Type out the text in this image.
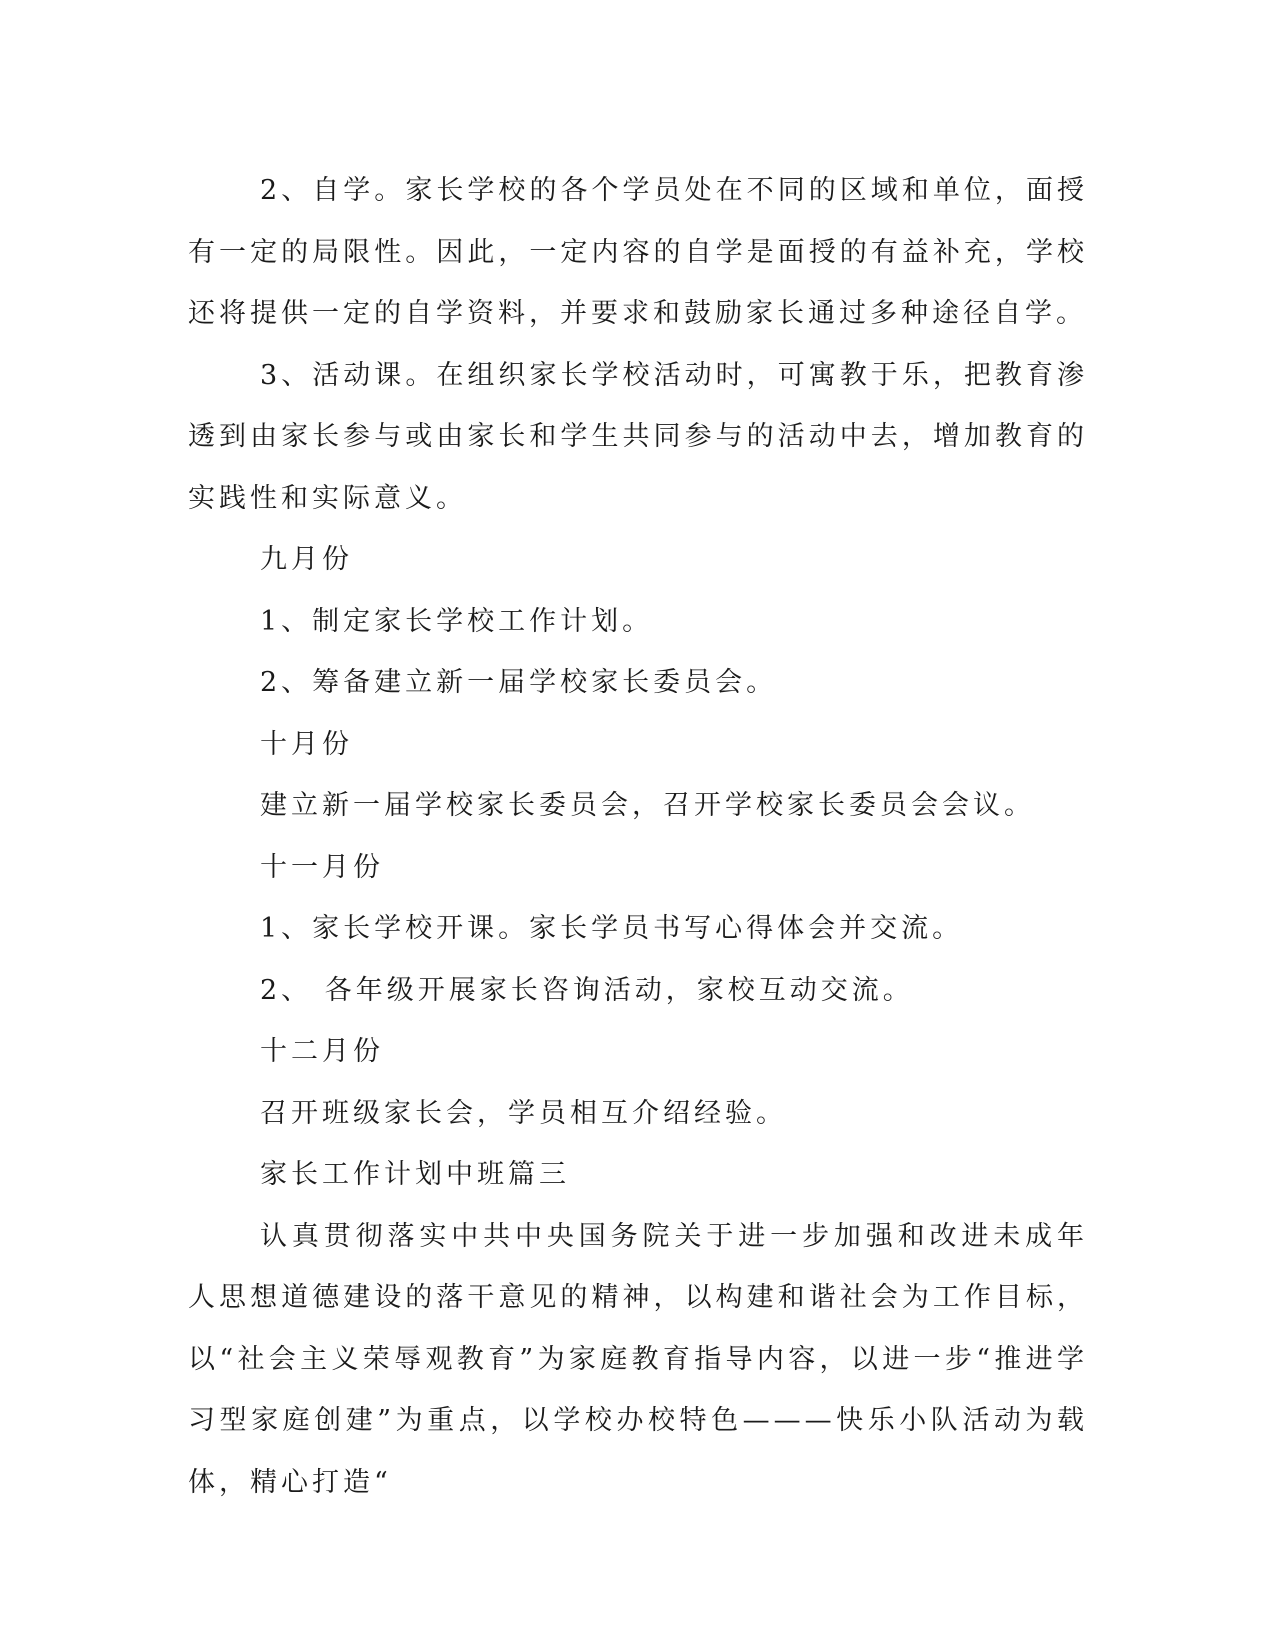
2、自学。家长学校的各个学员处在不同的区域和单位，面授有一定的局限性。因此，一定内容的自学是面授的有益补充，学校还将提供一定的自学资料，并要求和鼓励家长通过多种途径自学。

3、活动课。在组织家长学校活动时，可寓教于乐，把教育渗透到由家长参与或由家长和学生共同参与的活动中去，增加教育的实践性和实际意义。

九月份

1、制定家长学校工作计划。

2、筹备建立新一届学校家长委员会。

十月份

建立新一届学校家长委员会，召开学校家长委员会会议。

十一月份

1、家长学校开课。家长学员书写心得体会并交流。

2、 各年级开展家长咨询活动，家校互动交流。

十二月份

召开班级家长会，学员相互介绍经验。

家长工作计划中班篇三

认真贯彻落实中共中央国务院关于进一步加强和改进未成年人思想道德建设的落干意见的精神，以构建和谐社会为工作目标，以“社会主义荣辱观教育”为家庭教育指导内容，以进一步“推进学习型家庭创建”为重点，以学校办校特色———快乐小队活动为载体，精心打造“
